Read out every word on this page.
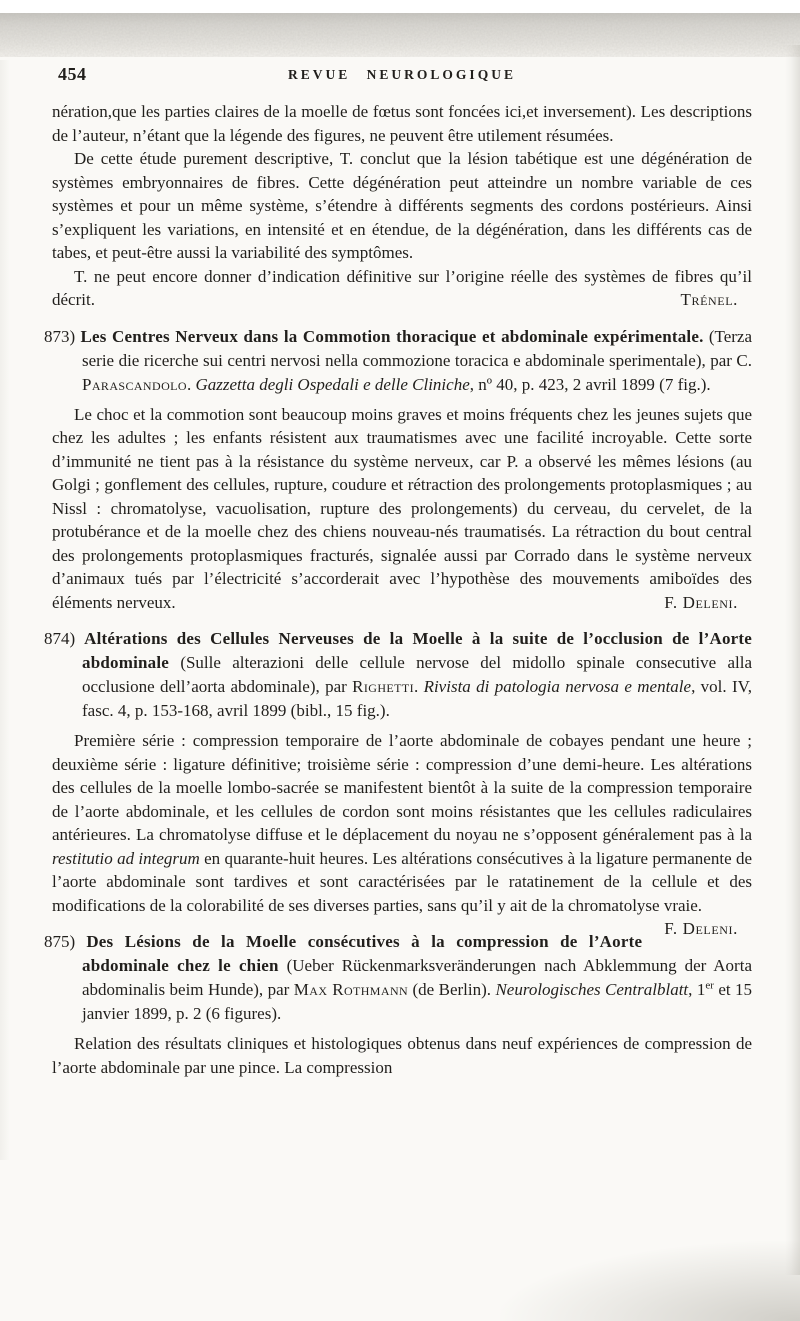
454	REVUE NEUROLOGIQUE

nération,que les parties claires de la moelle de fœtus sont foncées ici,et inversement). Les descriptions de l’auteur, n’étant que la légende des figures, ne peuvent être utilement résumées.

De cette étude purement descriptive, T. conclut que la lésion tabétique est une dégénération de systèmes embryonnaires de fibres. Cette dégénération peut atteindre un nombre variable de ces systèmes et pour un même système, s’étendre à différents segments des cordons postérieurs. Ainsi s’expliquent les variations, en intensité et en étendue, de la dégénération, dans les différents cas de tabes, et peut-être aussi la variabilité des symptômes.

T. ne peut encore donner d’indication définitive sur l’origine réelle des systèmes de fibres qu’il décrit.	Trénel.

873) Les Centres Nerveux dans la Commotion thoracique et abdominale expérimentale. (Terza serie die ricerche sui centri nervosi nella commozione toracica e abdominale sperimentale), par C. Parascandolo. Gazzetta degli Ospedali e delle Cliniche, nº 40, p. 423, 2 avril 1899 (7 fig.).

Le choc et la commotion sont beaucoup moins graves et moins fréquents chez les jeunes sujets que chez les adultes ; les enfants résistent aux traumatismes avec une facilité incroyable. Cette sorte d’immunité ne tient pas à la résistance du système nerveux, car P. a observé les mêmes lésions (au Golgi ; gonflement des cellules, rupture, coudure et rétraction des prolongements protoplasmiques ; au Nissl : chromatolyse, vacuolisation, rupture des prolongements) du cerveau, du cervelet, de la protubérance et de la moelle chez des chiens nouveau-nés traumatisés. La rétraction du bout central des prolongements protoplasmiques fracturés, signalée aussi par Corrado dans le système nerveux d’animaux tués par l’électricité s’accorderait avec l’hypothèse des mouvements amiboïdes des éléments nerveux.	F. Deleni.

874) Altérations des Cellules Nerveuses de la Moelle à la suite de l’occlusion de l’Aorte abdominale (Sulle alterazioni delle cellule nervose del midollo spinale consecutive alla occlusione dell’aorta abdominale), par Righetti. Rivista di patologia nervosa e mentale, vol. IV, fasc. 4, p. 153-168, avril 1899 (bibl., 15 fig.).

Première série : compression temporaire de l’aorte abdominale de cobayes pendant une heure ; deuxième série : ligature définitive; troisième série : compression d’une demi-heure. Les altérations des cellules de la moelle lombo-sacrée se manifestent bientôt à la suite de la compression temporaire de l’aorte abdominale, et les cellules de cordon sont moins résistantes que les cellules radiculaires antérieures. La chromatolyse diffuse et le déplacement du noyau ne s’opposent généralement pas à la restitutio ad integrum en quarante-huit heures. Les altérations consécutives à la ligature permanente de l’aorte abdominale sont tardives et sont caractérisées par le ratatinement de la cellule et des modifications de la colorabilité de ses diverses parties, sans qu’il y ait de la chromatolyse vraie.
F. Deleni.

875) Des Lésions de la Moelle consécutives à la compression de l’Aorte abdominale chez le chien (Ueber Rückenmarksveränderungen nach Abklemmung der Aorta abdominalis beim Hunde), par Max Rothmann (de Berlin). Neurologisches Centralblatt, 1er et 15 janvier 1899, p. 2 (6 figures).

Relation des résultats cliniques et histologiques obtenus dans neuf expériences de compression de l’aorte abdominale par une pince. La compression
